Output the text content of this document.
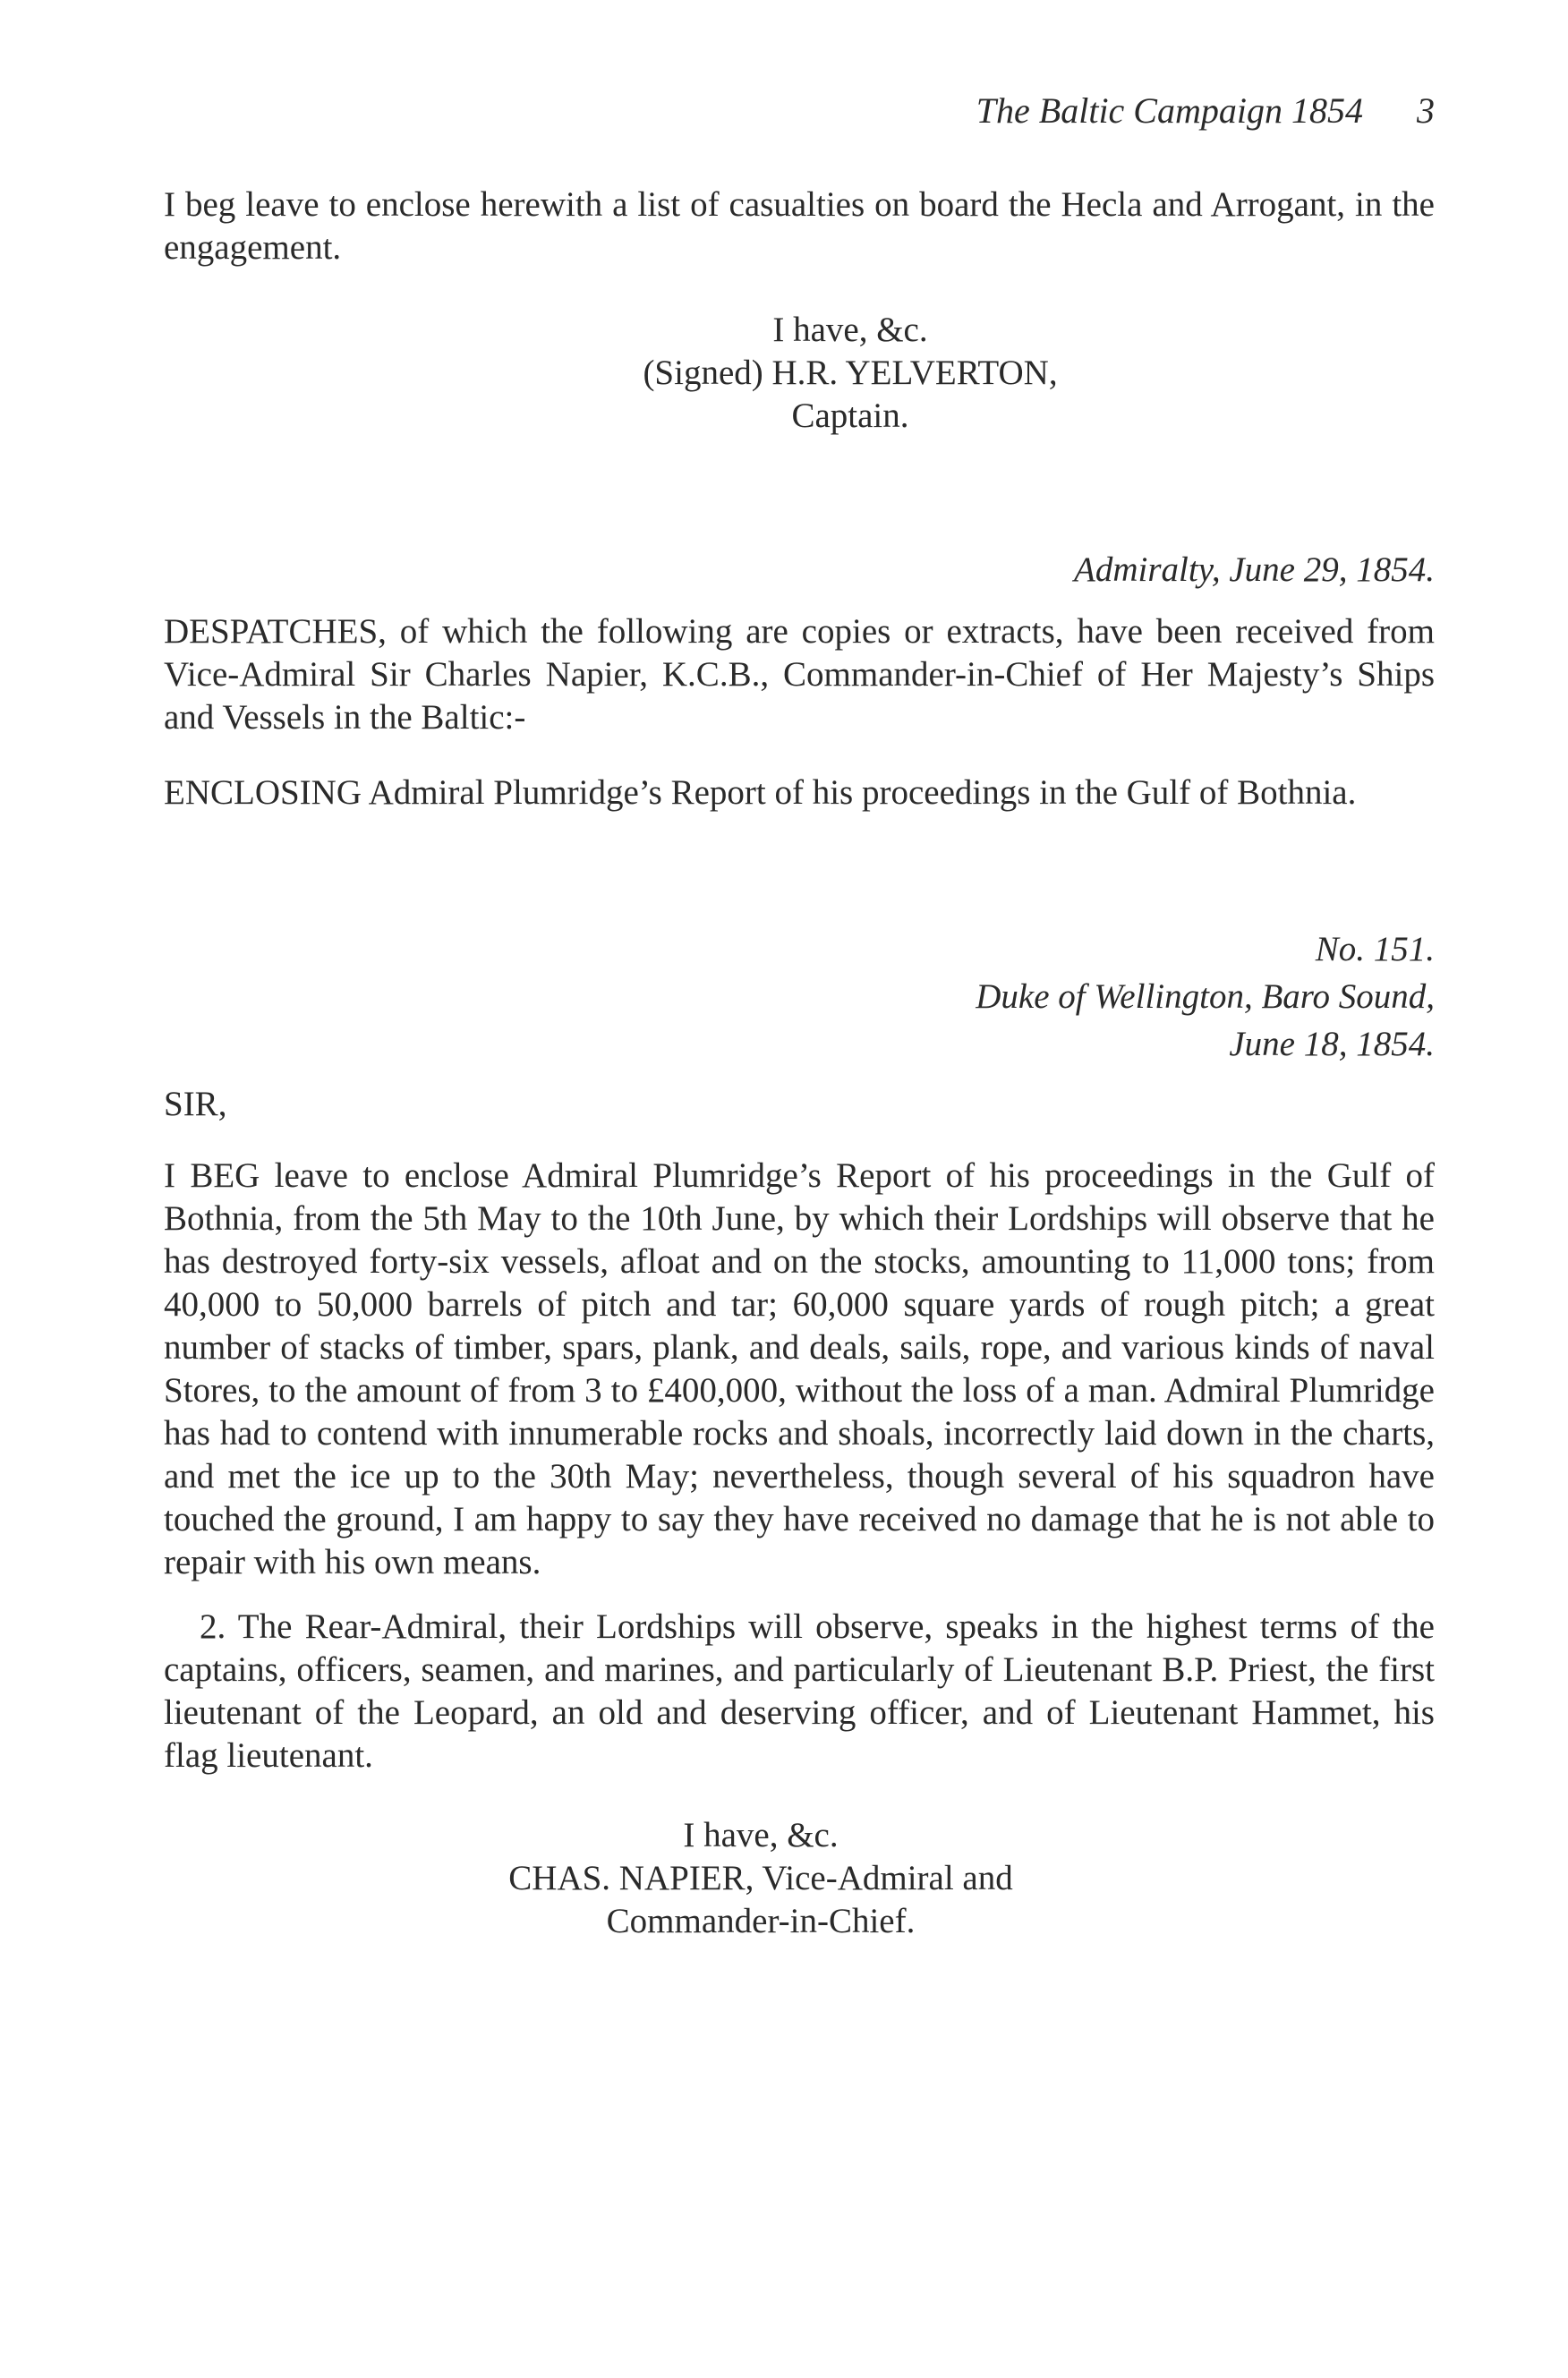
The Baltic Campaign 1854 3

I beg leave to enclose herewith a list of casualties on board the Hecla and Arrogant, in the engagement.

I have, &c.
(Signed) H.R. YELVERTON,
Captain.
Admiralty, June 29, 1854.

DESPATCHES, of which the following are copies or extracts, have been received from Vice-Admiral Sir Charles Napier, K.C.B., Commander-in-Chief of Her Majesty’s Ships and Vessels in the Baltic:-

ENCLOSING Admiral Plumridge’s Report of his proceedings in the Gulf of Bothnia.

No. 151.
Duke of Wellington, Baro Sound,
June 18, 1854.

SIR,

I BEG leave to enclose Admiral Plumridge’s Report of his proceedings in the Gulf of Bothnia, from the 5th May to the 10th June, by which their Lordships will observe that he has destroyed forty-six vessels, afloat and on the stocks, amounting to 11,000 tons; from 40,000 to 50,000 barrels of pitch and tar; 60,000 square yards of rough pitch; a great number of stacks of timber, spars, plank, and deals, sails, rope, and various kinds of naval Stores, to the amount of from 3 to £400,000, without the loss of a man. Admiral Plumridge has had to contend with innumerable rocks and shoals, incorrectly laid down in the charts, and met the ice up to the 30th May; nevertheless, though several of his squadron have touched the ground, I am happy to say they have received no damage that he is not able to repair with his own means.

2. The Rear-Admiral, their Lordships will observe, speaks in the highest terms of the captains, officers, seamen, and marines, and particularly of Lieutenant B.P. Priest, the first lieutenant of the Leopard, an old and deserving officer, and of Lieutenant Hammet, his flag lieutenant.

I have, &c.
CHAS. NAPIER, Vice-Admiral and
Commander-in-Chief.
